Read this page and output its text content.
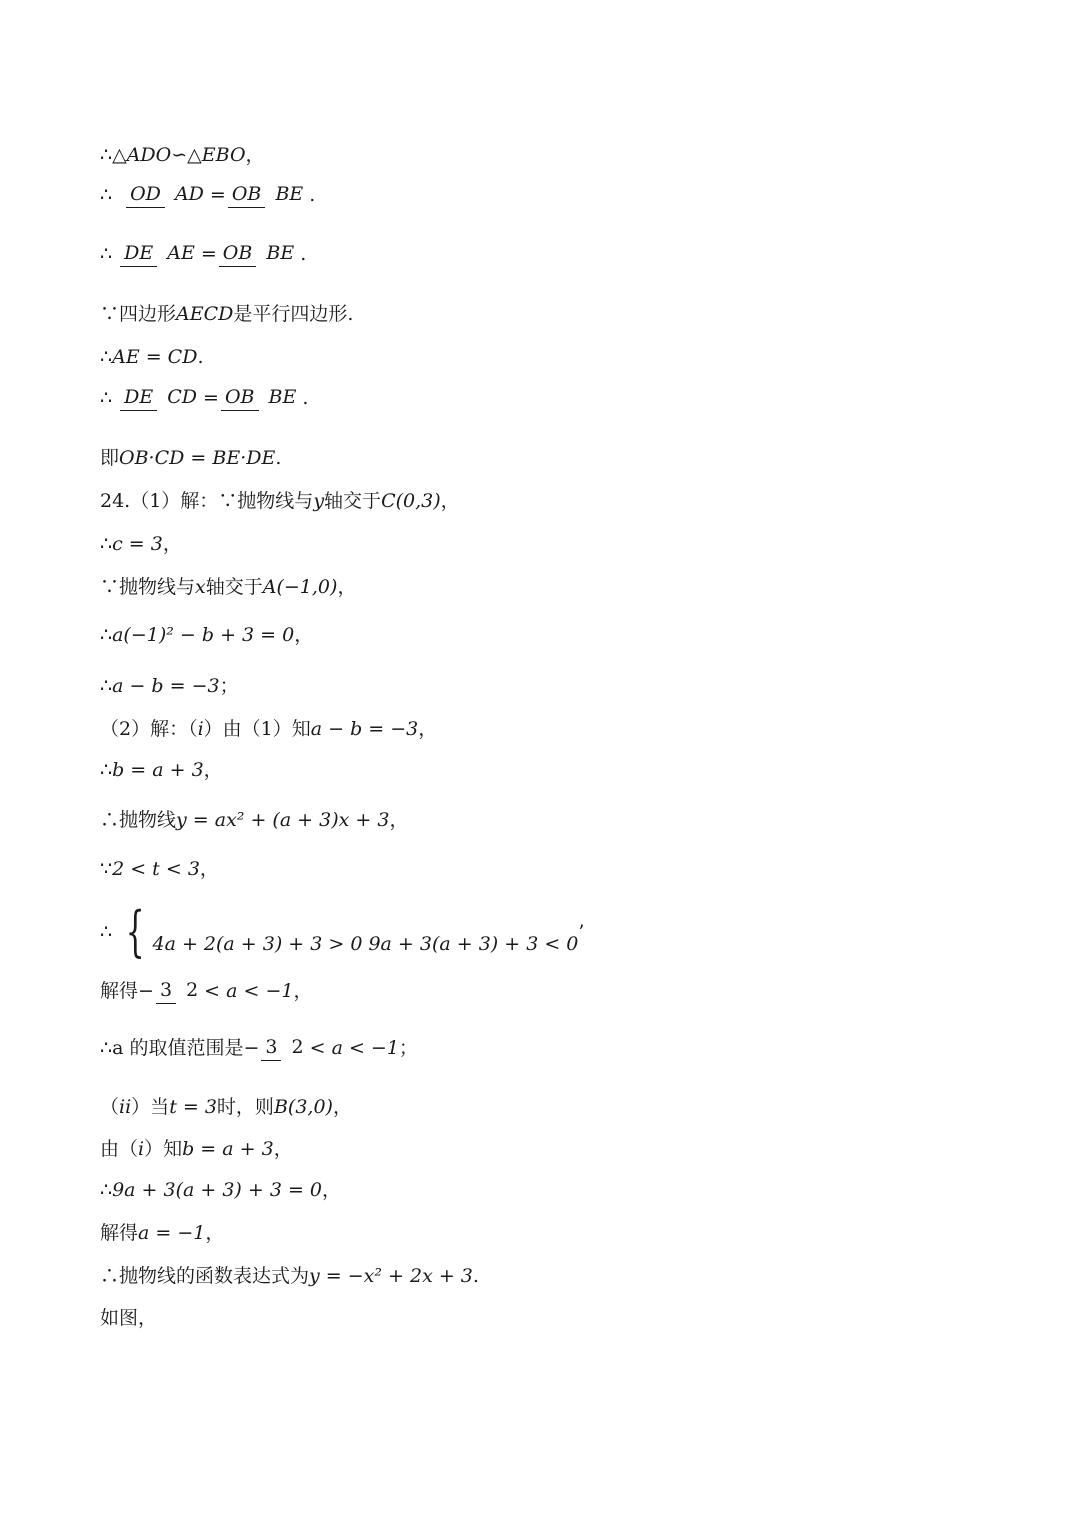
∴ △ADO∽△EBO ，
∴ OD AD = OB BE .
∴ DE AE = OB BE .
∵四边形 AECD 是平行四边形.
∴ AE = CD .
∴ DE CD = OB BE .
即 OB·CD = BE·DE .
24.（1）解：∵抛物线与 y 轴交于 C(0,3) ，
∴ c = 3 ，
∵抛物线与 x 轴交于 A(−1,0) ，
∴ a(−1)² − b + 3 = 0 ，
∴ a − b = −3 ；
（2）解：（ i ）由（1）知 a − b = −3 ，
∴ b = a + 3 ，
∴抛物线 y = ax² + (a + 3)x + 3 ，
∵ 2 < t < 3 ，
∴ { 4a + 2(a + 3) + 3 > 0 9a + 3(a + 3) + 3 < 0
’
解得 − 3 2 < a < −1 ，
∴a 的取值范围是 − 3 2 < a < −1 ；
（ ii ）当 t = 3 时，则 B(3,0) ，
由（ i ）知 b = a + 3 ，
∴ 9a + 3(a + 3) + 3 = 0 ，
解得 a = −1 ，
∴抛物线的函数表达式为 y = −x² + 2x + 3 .
如图，
